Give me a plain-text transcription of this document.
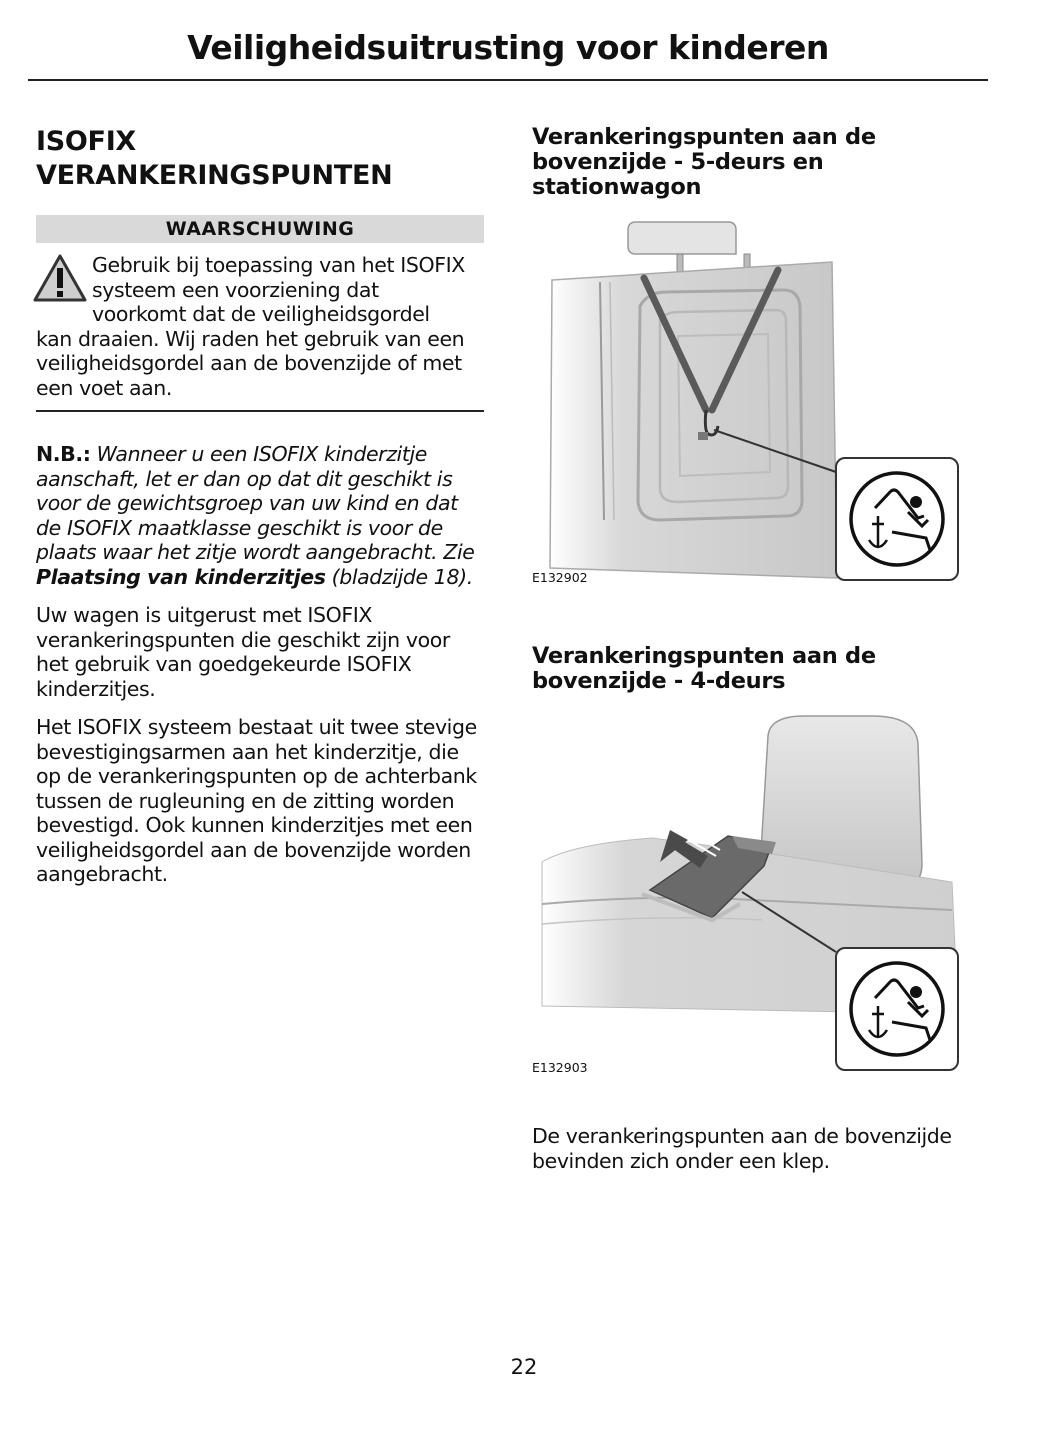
Veiligheidsuitrusting voor kinderen
ISOFIX
VERANKERINGSPUNTEN
WAARSCHUWING
Gebruik bij toepassing van het ISOFIX
systeem een voorziening dat
voorkomt dat de veiligheidsgordel
kan draaien. Wij raden het gebruik van een veiligheidsgordel aan de bovenzijde of met een voet aan.

N.B.: Wanneer u een ISOFIX kinderzitje aanschaft, let er dan op dat dit geschikt is voor de gewichtsgroep van uw kind en dat de ISOFIX maatklasse geschikt is voor de plaats waar het zitje wordt aangebracht. Zie Plaatsing van kinderzitjes (bladzijde 18).

Uw wagen is uitgerust met ISOFIX verankeringspunten die geschikt zijn voor het gebruik van goedgekeurde ISOFIX kinderzitjes.

Het ISOFIX systeem bestaat uit twee stevige bevestigingsarmen aan het kinderzitje, die op de verankeringspunten op de achterbank tussen de rugleuning en de zitting worden bevestigd. Ook kunnen kinderzitjes met een veiligheidsgordel aan de bovenzijde worden aangebracht.

Verankeringspunten aan de
bovenzijde - 5-deurs en
stationwagon
E132902
Verankeringspunten aan de
bovenzijde - 4-deurs
E132903

De verankeringspunten aan de bovenzijde bevinden zich onder een klep.

22
